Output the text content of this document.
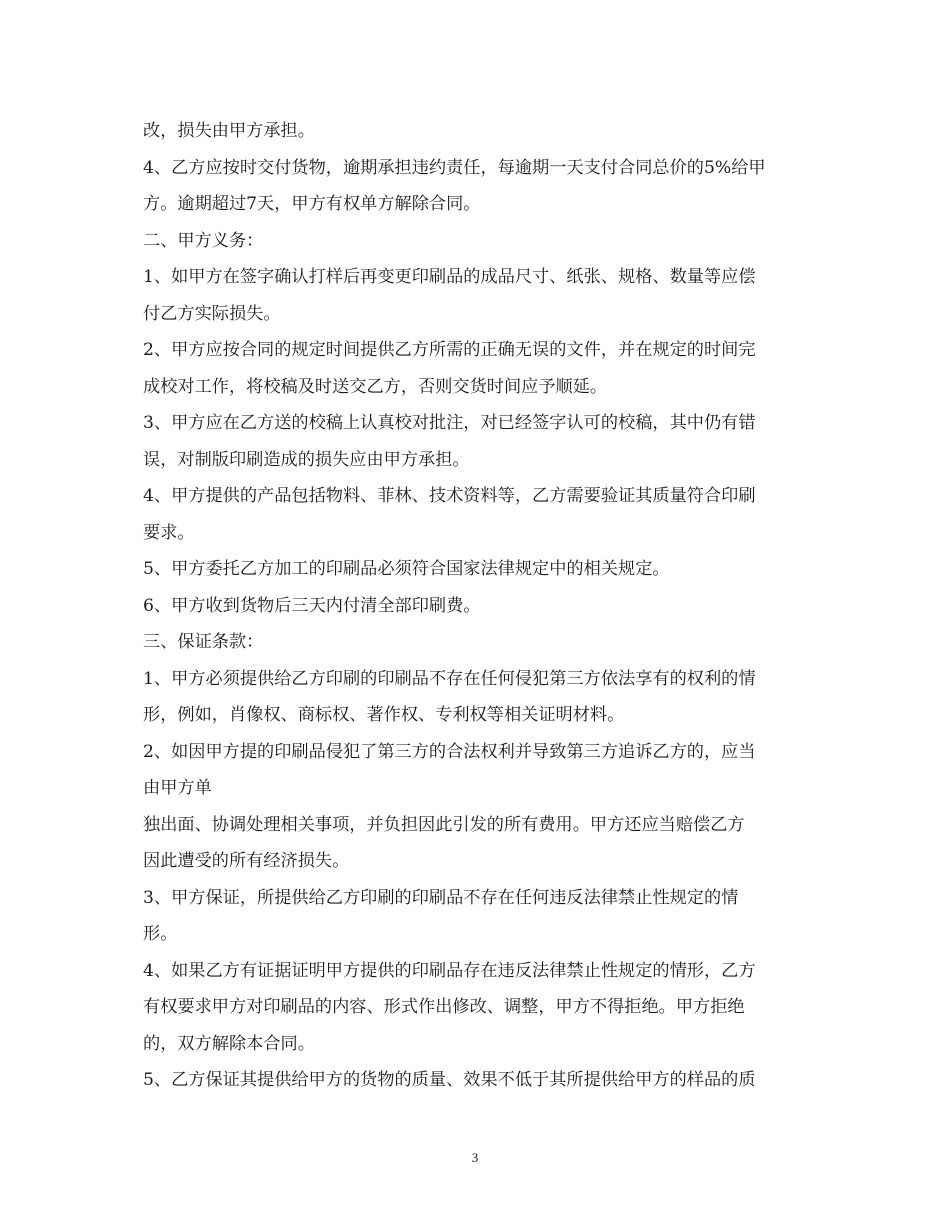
改，损失由甲方承担。
4、乙方应按时交付货物，逾期承担违约责任，每逾期一天支付合同总价的5%给甲
方。逾期超过7天，甲方有权单方解除合同。
二、甲方义务：
1、如甲方在签字确认打样后再变更印刷品的成品尺寸、纸张、规格、数量等应偿
付乙方实际损失。
2、甲方应按合同的规定时间提供乙方所需的正确无误的文件，并在规定的时间完
成校对工作，将校稿及时送交乙方，否则交货时间应予顺延。
3、甲方应在乙方送的校稿上认真校对批注，对已经签字认可的校稿，其中仍有错
误，对制版印刷造成的损失应由甲方承担。
4、甲方提供的产品包括物料、菲林、技术资料等，乙方需要验证其质量符合印刷
要求。
5、甲方委托乙方加工的印刷品必须符合国家法律规定中的相关规定。
6、甲方收到货物后三天内付清全部印刷费。
三、保证条款：
1、甲方必须提供给乙方印刷的印刷品不存在任何侵犯第三方依法享有的权利的情
形，例如，肖像权、商标权、著作权、专利权等相关证明材料。
2、如因甲方提的印刷品侵犯了第三方的合法权利并导致第三方追诉乙方的，应当
由甲方单
独出面、协调处理相关事项，并负担因此引发的所有费用。甲方还应当赔偿乙方
因此遭受的所有经济损失。
3、甲方保证，所提供给乙方印刷的印刷品不存在任何违反法律禁止性规定的情
形。
4、如果乙方有证据证明甲方提供的印刷品存在违反法律禁止性规定的情形，乙方
有权要求甲方对印刷品的内容、形式作出修改、调整，甲方不得拒绝。甲方拒绝
的，双方解除本合同。
5、乙方保证其提供给甲方的货物的质量、效果不低于其所提供给甲方的样品的质
3
